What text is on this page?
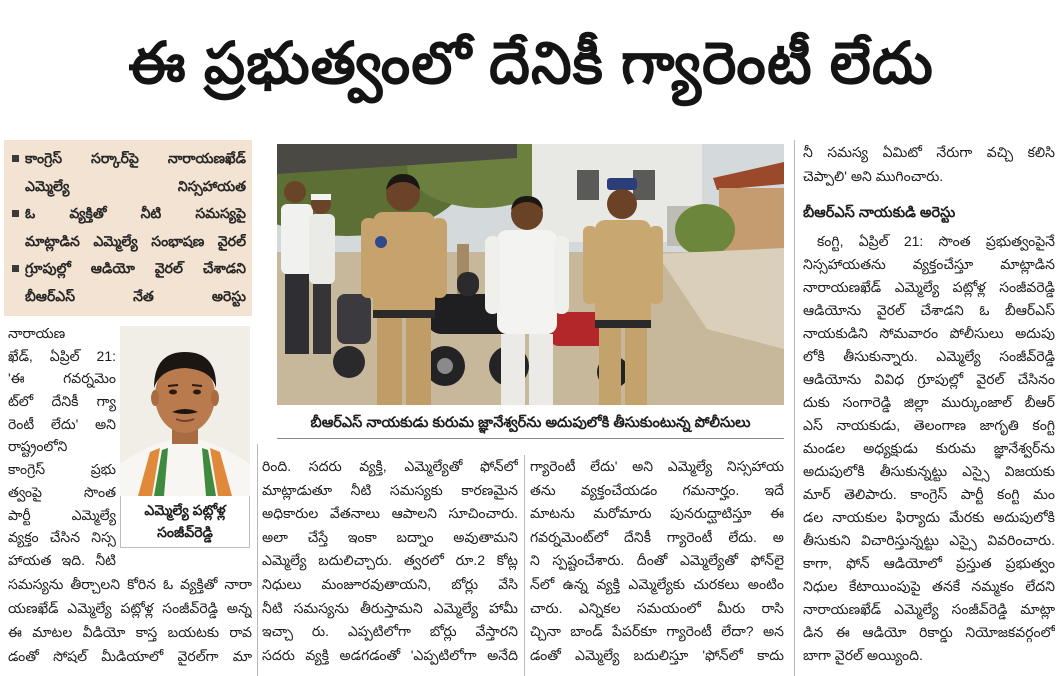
ఈ ప్రభుత్వంలో దేనికీ గ్యారెంటీ లేదు
కాంగ్రెస్ సర్కార్‌పై నారాయణఖేడ్
ఎమ్మెల్యే నిస్సహాయత
ఓ వ్యక్తితో నీటి సమస్యపై
మాట్లాడిన ఎమ్మెల్యే సంభాషణ వైరల్
గ్రూపుల్లో ఆడియో వైరల్ చేశాడని
బీఆర్ఎస్ నేత అరెస్టు
నారాయణ
ఖేడ్, ఏప్రిల్ 21:
'ఈ గవర్నమెం
ట్‌లో దేనికీ గ్యా
రెంటీ లేదు' అని
రాష్ట్రంలోని
కాంగ్రెస్ ప్రభు
త్వంపై సొంత
పార్టీ ఎమ్మెల్యే
వ్యక్తం చేసిన నిస్స
హాయత ఇది. నీటి
ఎమ్మెల్యే పట్లోళ్ల
సంజీవ్‌రెడ్డి
సమస్యను తీర్చాలని కోరిన ఓ వ్యక్తితో నారా
యణఖేడ్ ఎమ్మెల్యే పట్లోళ్ల సంజీవ్‌రెడ్డి అన్న
ఈ మాటల వీడియో కాస్త బయటకు రావ
డంతో సోషల్ మీడియాలో వైరల్‌గా మా
బీఆర్ఎస్ నాయకుడు కురుమ జ్ఞానేశ్వర్‌ను అదుపులోకి తీసుకుంటున్న పోలీసులు
రింది. సదరు వ్యక్తి, ఎమ్మెల్యేతో ఫోన్‌లో
మాట్లాడుతూ నీటి సమస్యకు కారణమైన
అధికారుల వేతనాలు ఆపాలని సూచించారు.
అలా చేస్తే ఇంకా బద్నాం అవుతామని
ఎమ్మెల్యే బదులిచ్చారు. త్వరలో రూ.2 కోట్ల
నిధులు మంజూరవుతాయని, బోర్లు వేసి
నీటి సమస్యను తీరుస్తామని ఎమ్మెల్యే హామీ
ఇచ్చా రు. ఎప్పటిలోగా బోర్లు వేస్తారని
సదరు వ్యక్తి అడగడంతో 'ఎప్పటిలోగా అనేది
గ్యారెంటీ లేదు' అని ఎమ్మెల్యే నిస్సహాయ
తను వ్యక్తంచేయడం గమనార్హం. ఇదే
మాటను మరోమారు పునరుద్ఘాటిస్తూ ఈ
గవర్నమెంట్‌లో దేనికీ గ్యారెంటీ లేదు. అ
ని స్పష్టంచేశారు. దీంతో ఎమ్మెల్యేతో ఫోన్‌లై
న్‌లో ఉన్న వ్యక్తి ఎమ్మెల్యేకు చురకలు అంటిం
చారు. ఎన్నికల సమయంలో మీరు రాసి
చ్చినా బాండ్ పేపర్‌కూ గ్యారెంటీ లేదా? అన
డంతో ఎమ్మెల్యే బదులిస్తూ 'ఫోన్‌లో కాదు
నీ సమస్య ఏమిటో నేరుగా వచ్చి కలిసి
చెప్పాలి' అని ముగించారు.
బీఆర్ఎస్ నాయకుడి అరెస్టు
కంగ్టి, ఏప్రిల్ 21: సొంత ప్రభుత్వంపైనే
నిస్సహాయతను వ్యక్తంచేస్తూ మాట్లాడిన
నారాయణఖేడ్ ఎమ్మెల్యే పట్లోళ్ల సంజీవరెడ్డి
ఆడియోను వైరల్ చేశాడని ఓ బీఆర్ఎస్
నాయకుడిని సోమవారం పోలీసులు అదుపు
లోకి తీసుకున్నారు. ఎమ్మెల్యే సంజీవ్‌రెడ్డి
ఆడియోను వివిధ గ్రూపుల్లో వైరల్ చేసినం
దుకు సంగారెడ్డి జిల్లా ముర్కుంజాల్ బీఆర్
ఎస్ నాయకుడు, తెలంగాణ జాగృతి కంగ్టి
మండల అధ్యక్షుడు కురుమ జ్ఞానేశ్వర్‌ను
అదుపులోకి తీసుకున్నట్టు ఎస్సై విజయకు
మార్ తెలిపారు. కాంగ్రెస్ పార్టీ కంగ్టి మం
డల నాయకుల ఫిర్యాదు మేరకు అదుపులోకి
తీసుకుని విచారిస్తున్నట్టు ఎస్సై వివరించారు.
కాగా, ఫోన్ ఆడియోలో ప్రస్తుత ప్రభుత్వం
నిధుల కేటాయింపుపై తనకే నమ్మకం లేదని
నారాయణఖేడ్ ఎమ్మెల్యే సంజీవ్‌రెడ్డి మాట్లా
డిన ఈ ఆడియో రికార్డు నియోజకవర్గంలో
బాగా వైరల్ అయ్యింది.
